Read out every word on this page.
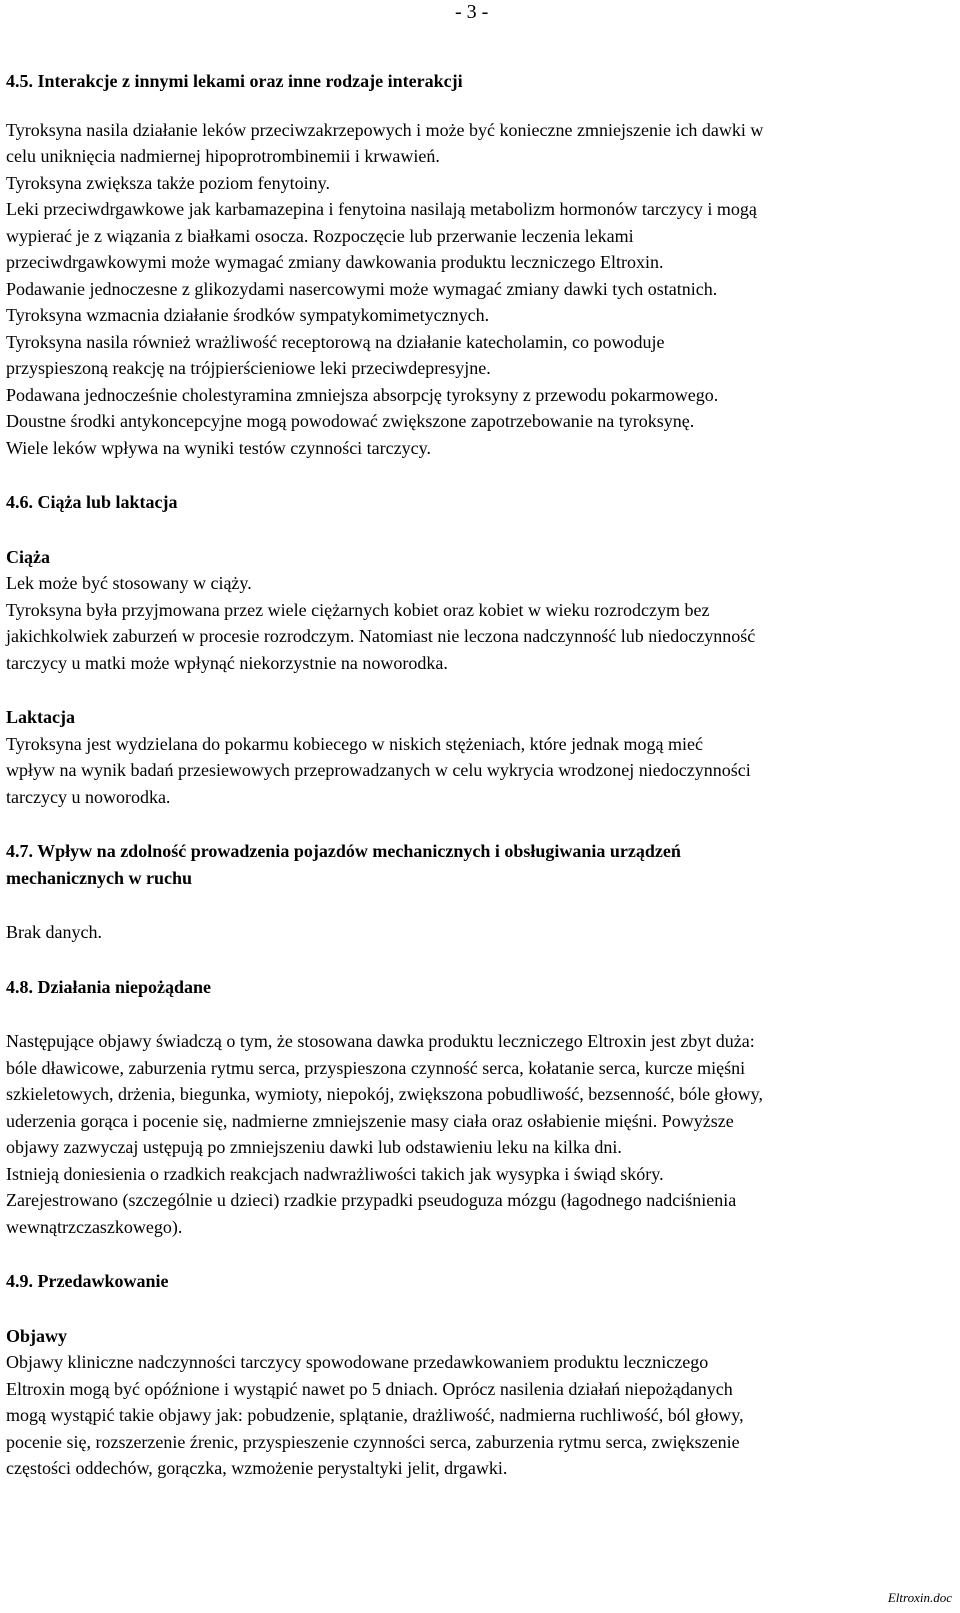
- 3 -
4.5. Interakcje z innymi lekami oraz inne rodzaje interakcji
Tyroksyna nasila działanie leków przeciwzakrzepowych i może być konieczne zmniejszenie ich dawki w
celu uniknięcia nadmiernej hipoprotrombinemii i krwawień.
Tyroksyna zwiększa także poziom fenytoiny.
Leki przeciwdrgawkowe jak karbamazepina i fenytoina nasilają metabolizm hormonów tarczycy i mogą
wypierać je z wiązania z białkami osocza. Rozpoczęcie lub przerwanie leczenia lekami
przeciwdrgawkowymi może wymagać zmiany dawkowania produktu leczniczego Eltroxin.
Podawanie jednoczesne z glikozydami nasercowymi może wymagać zmiany dawki tych ostatnich.
Tyroksyna wzmacnia działanie środków sympatykomimetycznych.
Tyroksyna nasila również wrażliwość receptorową na działanie katecholamin, co powoduje
przyspieszoną reakcję na trójpierścieniowe leki przeciwdepresyjne.
Podawana jednocześnie cholestyramina zmniejsza absorpcję tyroksyny z przewodu pokarmowego.
Doustne środki antykoncepcyjne mogą powodować zwiększone zapotrzebowanie na tyroksynę.
Wiele leków wpływa na wyniki testów czynności tarczycy.
4.6. Ciąża lub laktacja
Ciąża
Lek może być stosowany w ciąży.
Tyroksyna była przyjmowana przez wiele ciężarnych kobiet oraz kobiet w wieku rozrodczym bez
jakichkolwiek zaburzeń w procesie rozrodczym. Natomiast nie leczona nadczynność lub niedoczynność
tarczycy u matki może wpłynąć niekorzystnie na noworodka.
Laktacja
Tyroksyna jest wydzielana do pokarmu kobiecego w niskich stężeniach, które jednak mogą mieć
wpływ na wynik badań przesiewowych przeprowadzanych w celu wykrycia wrodzonej niedoczynności
tarczycy u noworodka.
4.7. Wpływ na zdolność prowadzenia pojazdów mechanicznych i obsługiwania urządzeń
mechanicznych w ruchu
Brak danych.
4.8. Działania niepożądane
Następujące objawy świadczą o tym, że stosowana dawka produktu leczniczego Eltroxin jest zbyt duża:
bóle dławicowe, zaburzenia rytmu serca, przyspieszona czynność serca, kołatanie serca, kurcze mięśni
szkieletowych, drżenia, biegunka, wymioty, niepokój, zwiększona pobudliwość, bezsenność, bóle głowy,
uderzenia gorąca i pocenie się, nadmierne zmniejszenie masy ciała oraz osłabienie mięśni. Powyższe
objawy zazwyczaj ustępują po zmniejszeniu dawki lub odstawieniu leku na kilka dni.
Istnieją doniesienia o rzadkich reakcjach nadwrażliwości takich jak wysypka i świąd skóry.
Zarejestrowano (szczególnie u dzieci) rzadkie przypadki pseudoguza mózgu (łagodnego nadciśnienia
wewnątrzczaszkowego).
4.9. Przedawkowanie
Objawy
Objawy kliniczne nadczynności tarczycy spowodowane przedawkowaniem produktu leczniczego
Eltroxin mogą być opóźnione i wystąpić nawet po 5 dniach. Oprócz nasilenia działań niepożądanych
mogą wystąpić takie objawy jak: pobudzenie, splątanie, drażliwość, nadmierna ruchliwość, ból głowy,
pocenie się, rozszerzenie źrenic, przyspieszenie czynności serca, zaburzenia rytmu serca, zwiększenie
częstości oddechów, gorączka, wzmożenie perystaltyki jelit, drgawki.
Eltroxin.doc
